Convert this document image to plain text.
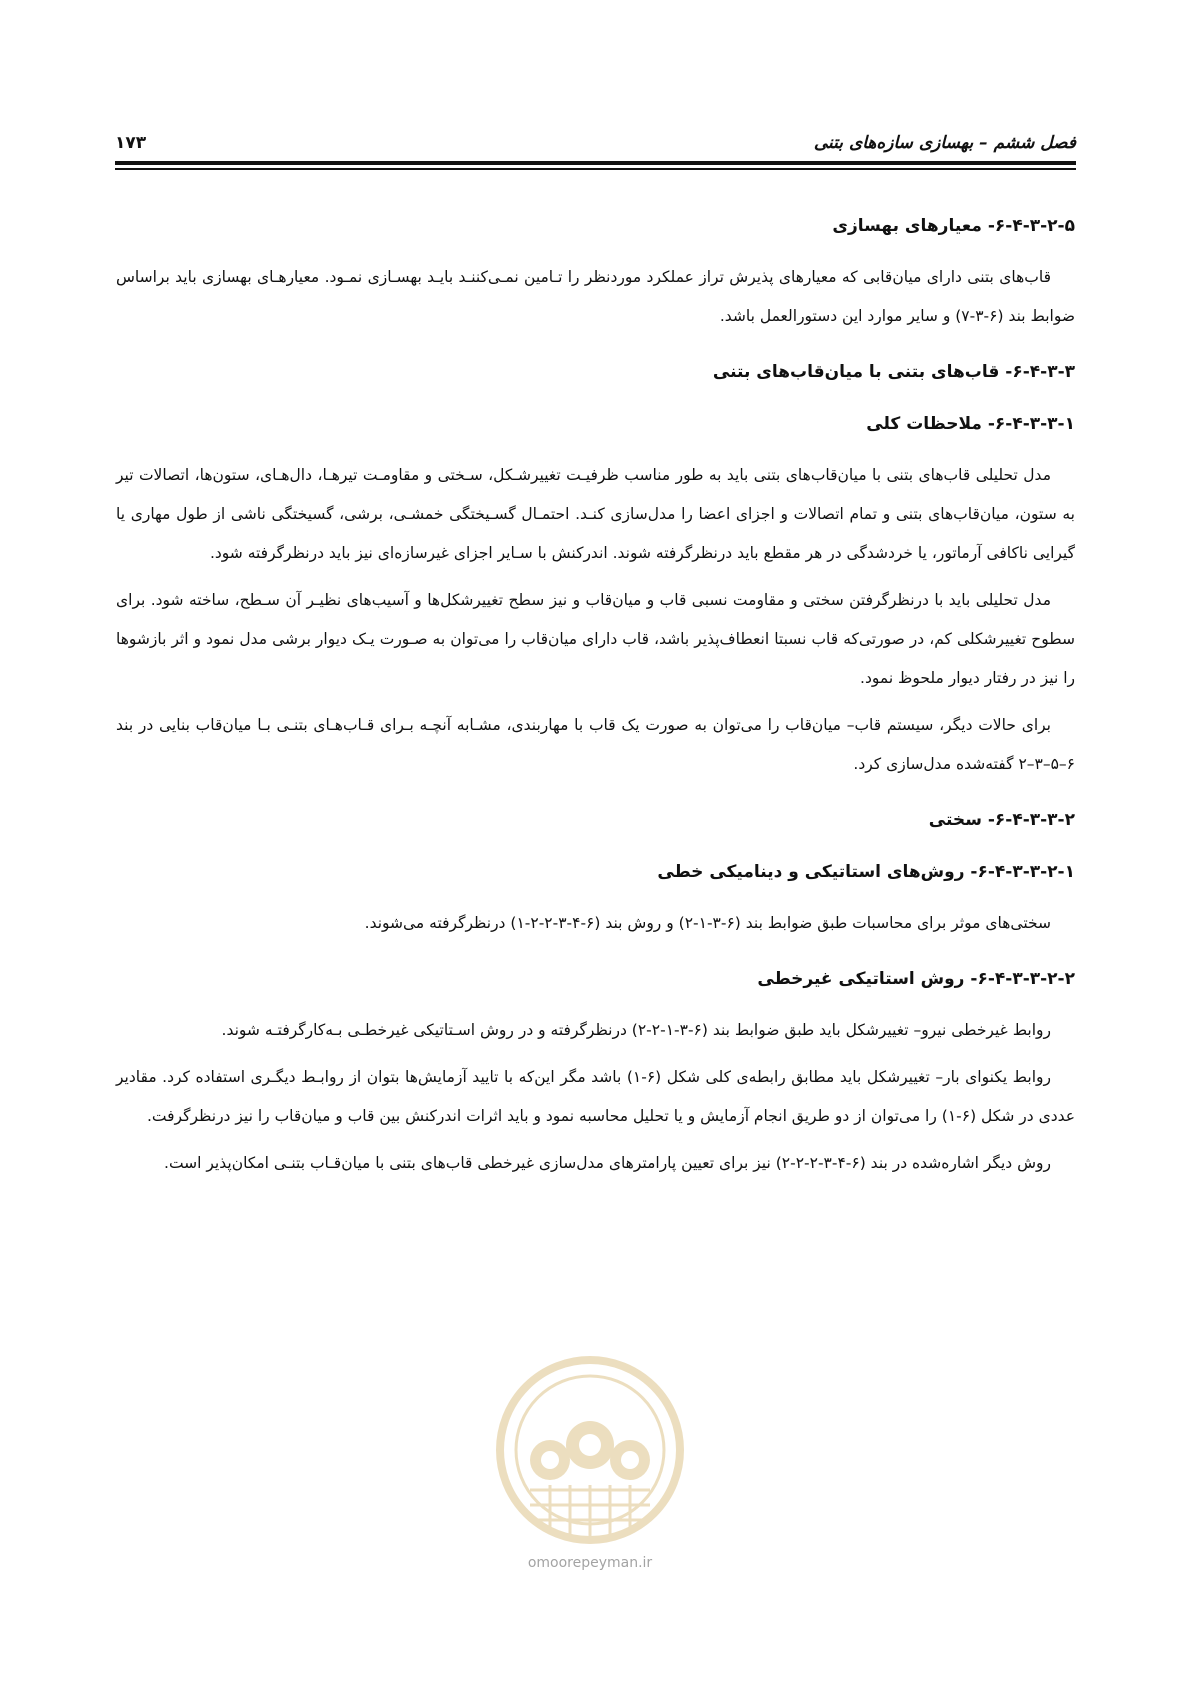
فصل ششم – بهسازی سازه‌های بتنی
۱۷۳
۶-۴-۳-۲-۵- معیارهای بهسازی

قاب‌های بتنی دارای میان‌قابی که معیارهای پذیرش تراز عملکرد موردنظر را تـامین نمـی‌کننـد بایـد بهسـازی نمـود. معیارهـای بهسازی باید براساس ضوابط بند (۶-۳-۷) و سایر موارد این دستورالعمل باشد.

۶-۴-۳-۳- قاب‌های بتنی با میان‌قاب‌های بتنی
۶-۴-۳-۳-۱- ملاحظات کلی

مدل تحلیلی قاب‌های بتنی با میان‌قاب‌های بتنی باید به طور مناسب ظرفیـت تغییرشـکل، سـختی و مقاومـت تیرهـا، دال‌هـای، ستون‌ها، اتصالات تیر به ستون، میان‌قاب‌های بتنی و تمام اتصالات و اجزای اعضا را مدل‌سازی کنـد. احتمـال گسـیختگی خمشـی، برشی، گسیختگی ناشی از طول مهاری یا گیرایی ناکافی آرماتور، یا خردشدگی در هر مقطع باید درنظرگرفته شوند. اندرکنش با سـایر اجزای غیرسازه‌ای نیز باید درنظرگرفته شود.

مدل تحلیلی باید با درنظرگرفتن سختی و مقاومت نسبی قاب و میان‌قاب و نیز سطح تغییرشکل‌ها و آسیب‌های نظیـر آن سـطح، ساخته شود. برای سطوح تغییرشکلی کم، در صورتی‌که قاب نسبتا انعطاف‌پذیر باشد، قاب دارای میان‌قاب را می‌توان به صـورت یـک دیوار برشی مدل نمود و اثر بازشوها را نیز در رفتار دیوار ملحوظ نمود.

برای حالات دیگر، سیستم قاب– میان‌قاب را می‌توان به صورت یک قاب با مهاربندی، مشـابه آنچـه بـرای قـاب‌هـای بتنـی بـا میان‌قاب بنایی در بند ۶–۵–۳–۲ گفته‌شده مدل‌سازی کرد.

۶-۴-۳-۳-۲- سختی
۶-۴-۳-۳-۲-۱- روش‌های استاتیکی و دینامیکی خطی

سختی‌های موثر برای محاسبات طبق ضوابط بند (۶-۳-۱-۲) و روش بند (۶-۴-۳-۲-۲-۱) درنظرگرفته می‌شوند.

۶-۴-۳-۳-۲-۲- روش استاتیکی غیرخطی

روابط غیرخطی نیرو– تغییرشکل باید طبق ضوابط بند (۶-۳-۱-۲-۲) درنظرگرفته و در روش اسـتاتیکی غیرخطـی بـه‌کارگرفتـه شوند.

روابط یکنوای بار– تغییرشکل باید مطابق رابطه‌ی کلی شکل (۶-۱) باشد مگر این‌که با تایید آزمایش‌ها بتوان از روابـط دیگـری استفاده کرد. مقادیر عددی در شکل (۶-۱) را می‌توان از دو طریق انجام آزمایش و یا تحلیل محاسبه نمود و باید اثرات اندرکنش بین قاب و میان‌قاب را نیز درنظرگرفت.

روش دیگر اشاره‌شده در بند (۶-۴-۳-۲-۲-۲) نیز برای تعیین پارامترهای مدل‌سازی غیرخطی قاب‌های بتنی با میان‌قـاب بتنـی امکان‌پذیر است.

omoorepeyman.ir
